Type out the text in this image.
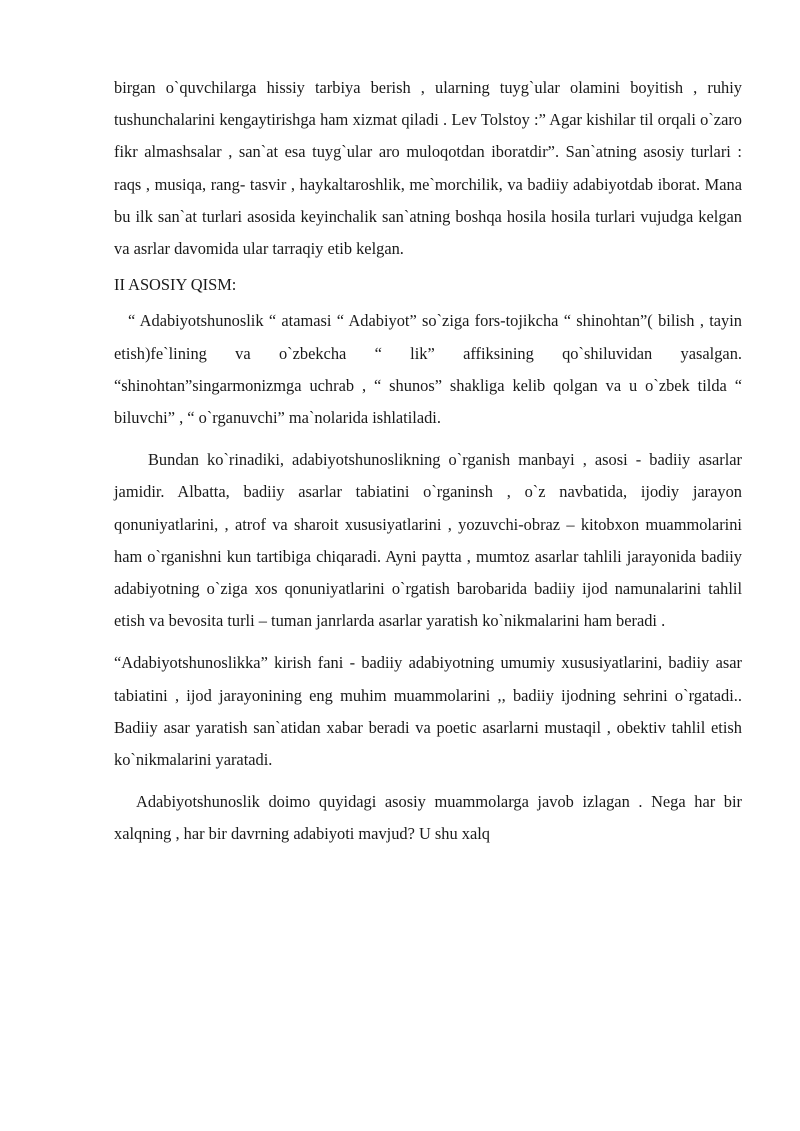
birgan o`quvchilarga hissiy tarbiya berish , ularning tuyg`ular olamini boyitish , ruhiy tushunchalarini kengaytirishga ham xizmat qiladi . Lev Tolstoy :” Agar kishilar til orqali o`zaro fikr almashsalar , san`at esa tuyg`ular aro muloqotdan iboratdir”. San`atning asosiy turlari : raqs , musiqa, rang- tasvir , haykaltaroshlik, me`morchilik, va badiiy adabiyotdab iborat. Mana bu ilk san`at turlari asosida keyinchalik san`atning boshqa hosila hosila turlari vujudga kelgan va asrlar davomida ular tarraqiy etib kelgan.

II ASOSIY QISM:

“ Adabiyotshunoslik “ atamasi “ Adabiyot” so`ziga fors-tojikcha “ shinohtan”( bilish , tayin etish)fe`lining va o`zbekcha “ lik” affiksining qo`shiluvidan yasalgan. “shinohtan”singarmonizmga uchrab , “ shunos” shakliga kelib qolgan va u o`zbek tilda “ biluvchi” , “ o`rganuvchi” ma`nolarida ishlatiladi.

Bundan ko`rinadiki, adabiyotshunoslikning o`rganish manbayi , asosi - badiiy asarlar jamidir. Albatta, badiiy asarlar tabiatini o`rganinsh , o`z navbatida, ijodiy jarayon qonuniyatlarini, , atrof va sharoit xususiyatlarini , yozuvchi-obraz – kitobxon muammolarini ham o`rganishni kun tartibiga chiqaradi. Ayni paytta , mumtoz asarlar tahlili jarayonida badiiy adabiyotning o`ziga xos qonuniyatlarini o`rgatish barobarida badiiy ijod namunalarini tahlil etish va bevosita turli – tuman janrlarda asarlar yaratish ko`nikmalarini ham beradi .

“Adabiyotshunoslikka” kirish fani - badiiy adabiyotning umumiy xususiyatlarini, badiiy asar tabiatini , ijod jarayonining eng muhim muammolarini ,, badiiy ijodning sehrini o`rgatadi.. Badiiy asar yaratish san`atidan xabar beradi va poetic asarlarni mustaqil , obektiv tahlil etish ko`nikmalarini yaratadi.

Adabiyotshunoslik doimo quyidagi asosiy muammolarga javob izlagan . Nega har bir xalqning , har bir davrning adabiyoti mavjud? U shu xalq
